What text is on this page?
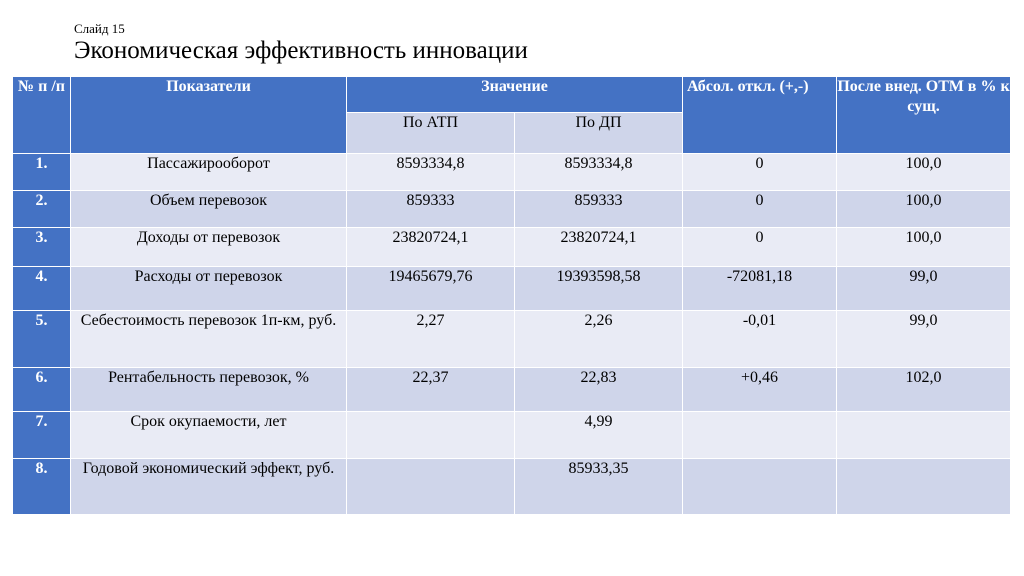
Слайд 15
Экономическая эффективность инновации
№ п /п	Показатели	Значение		Абсол. откл. (+,-)	После внед. ОТМ в % к сущ.
		По АТП	По ДП		
1.	Пассажирооборот	8593334,8	8593334,8	0	100,0
2.	Объем перевозок	859333	859333	0	100,0
3.	Доходы от перевозок	23820724,1	23820724,1	0	100,0
4.	Расходы от перевозок	19465679,76	19393598,58	-72081,18	99,0
5.	Себестоимость перевозок 1п-км, руб.	2,27	2,26	-0,01	99,0
6.	Рентабельность перевозок, %	22,37	22,83	+0,46	102,0
7.	Срок окупаемости, лет		4,99		
8.	Годовой экономический эффект, руб.		85933,35		
